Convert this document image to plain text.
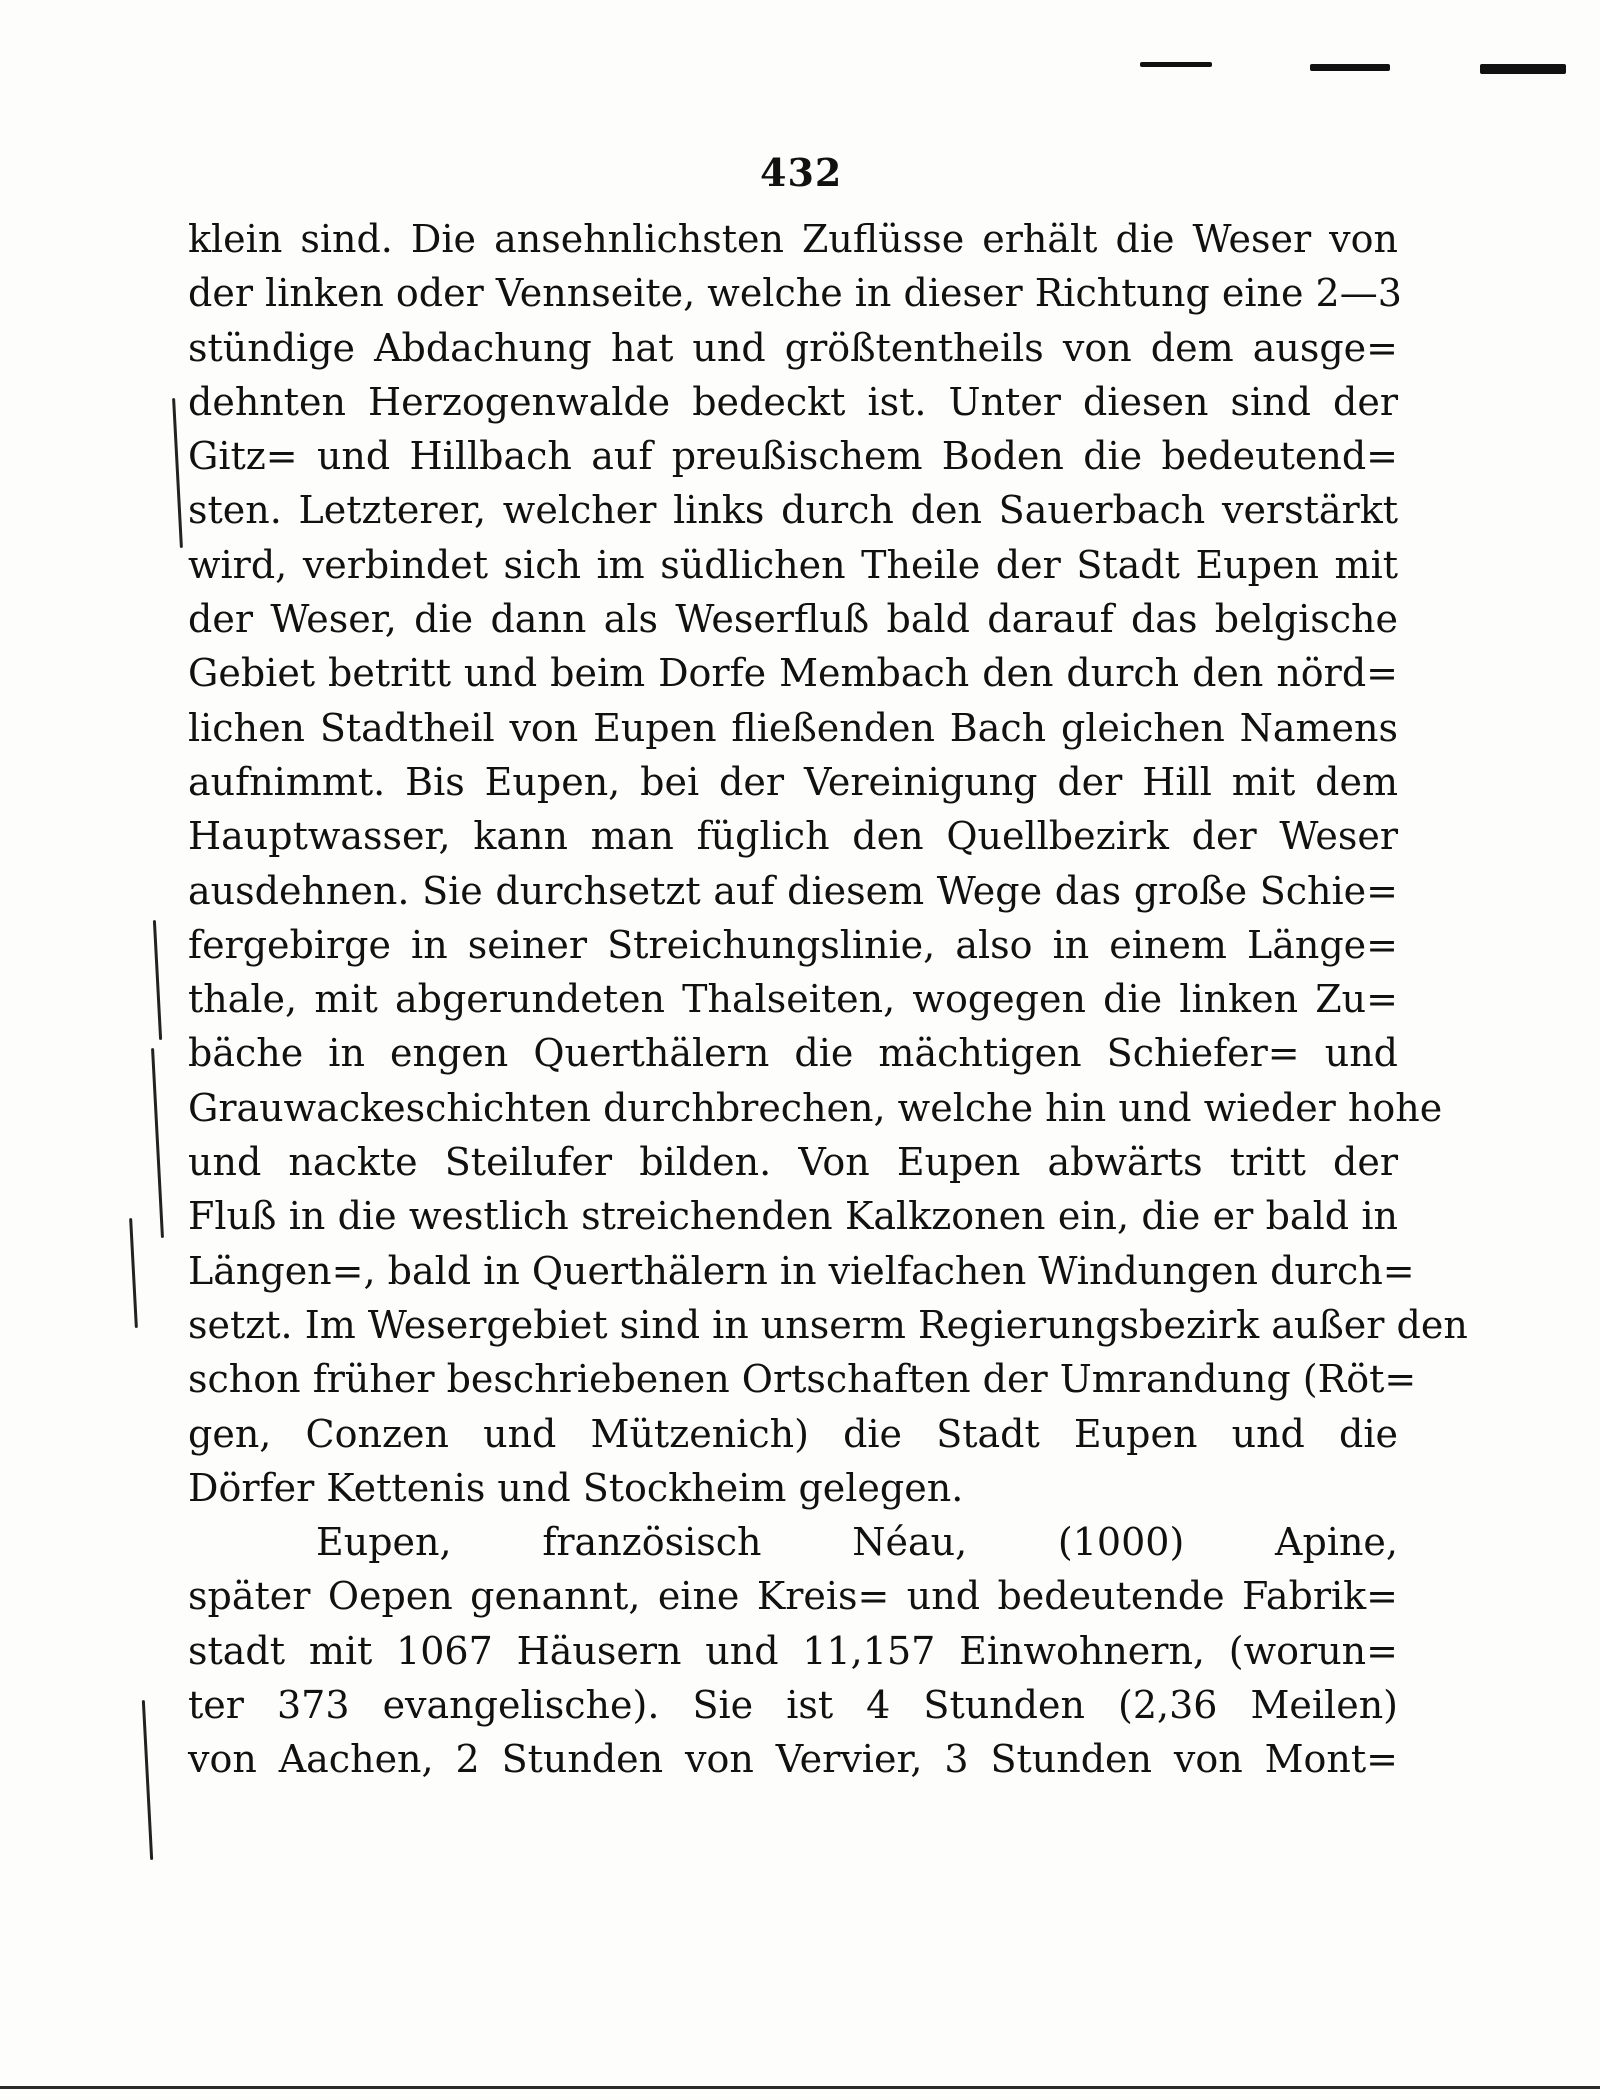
432
klein sind. Die ansehnlichsten Zuflüsse erhält die Weser von
der linken oder Vennseite, welche in dieser Richtung eine 2—3
stündige Abdachung hat und größtentheils von dem ausge=
dehnten Herzogenwalde bedeckt ist. Unter diesen sind der
Gitz= und Hillbach auf preußischem Boden die bedeutend=
sten. Letzterer, welcher links durch den Sauerbach verstärkt
wird, verbindet sich im südlichen Theile der Stadt Eupen mit
der Weser, die dann als Weserfluß bald darauf das belgische
Gebiet betritt und beim Dorfe Membach den durch den nörd=
lichen Stadtheil von Eupen fließenden Bach gleichen Namens
aufnimmt. Bis Eupen, bei der Vereinigung der Hill mit dem
Hauptwasser, kann man füglich den Quellbezirk der Weser
ausdehnen. Sie durchsetzt auf diesem Wege das große Schie=
fergebirge in seiner Streichungslinie, also in einem Länge=
thale, mit abgerundeten Thalseiten, wogegen die linken Zu=
bäche in engen Querthälern die mächtigen Schiefer= und
Grauwackeschichten durchbrechen, welche hin und wieder hohe
und nackte Steilufer bilden. Von Eupen abwärts tritt der
Fluß in die westlich streichenden Kalkzonen ein, die er bald in
Längen=, bald in Querthälern in vielfachen Windungen durch=
setzt. Im Wesergebiet sind in unserm Regierungsbezirk außer den
schon früher beschriebenen Ortschaften der Umrandung (Röt=
gen, Conzen und Mützenich) die Stadt Eupen und die
Dörfer Kettenis und Stockheim gelegen.
Eupen, französisch Néau, (1000) Apine,
später Oepen genannt, eine Kreis= und bedeutende Fabrik=
stadt mit 1067 Häusern und 11,157 Einwohnern, (worun=
ter 373 evangelische). Sie ist 4 Stunden (2,36 Meilen)
von Aachen, 2 Stunden von Vervier, 3 Stunden von Mont=
